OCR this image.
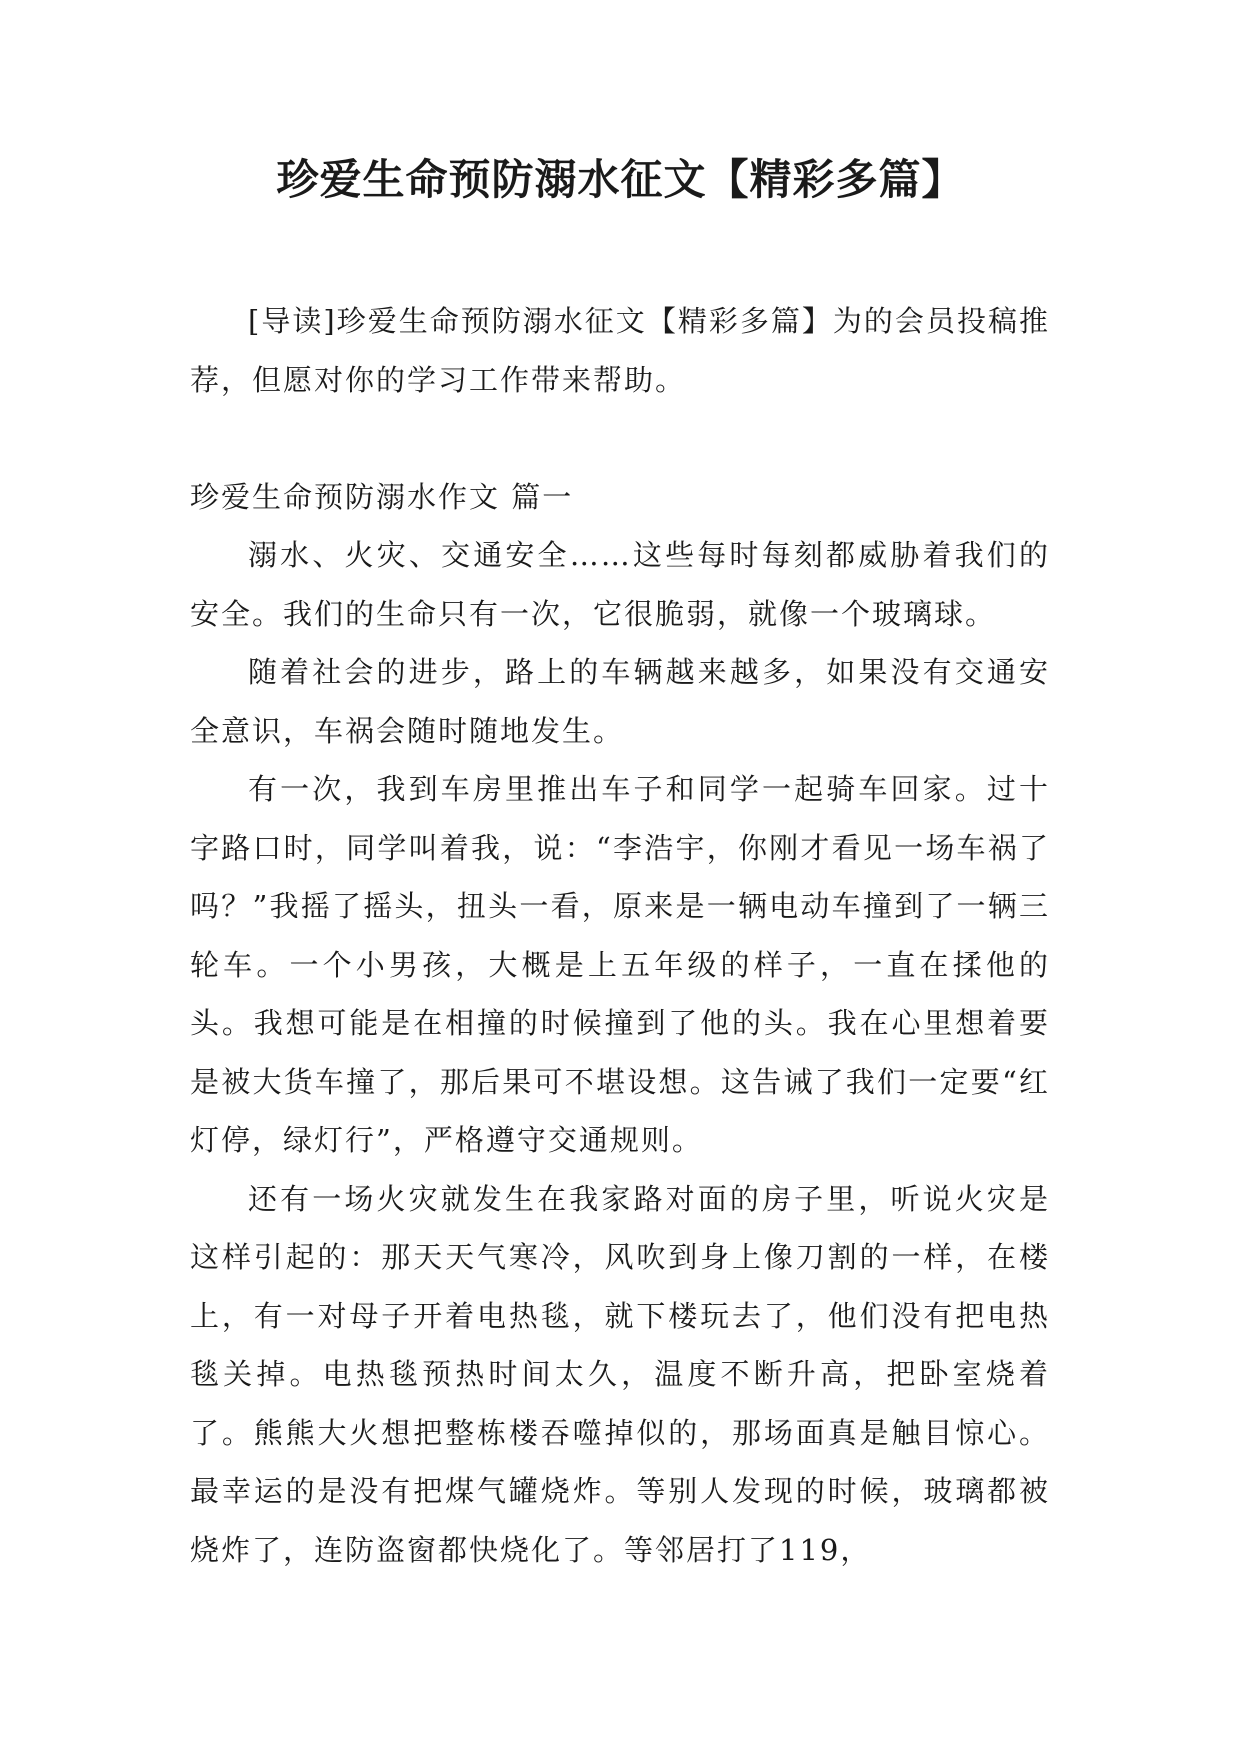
珍爱生命预防溺水征文【精彩多篇】

[导读]珍爱生命预防溺水征文【精彩多篇】为的会员投稿推荐，但愿对你的学习工作带来帮助。

珍爱生命预防溺水作文 篇一

溺水、火灾、交通安全……这些每时每刻都威胁着我们的安全。我们的生命只有一次，它很脆弱，就像一个玻璃球。

随着社会的进步，路上的车辆越来越多，如果没有交通安全意识，车祸会随时随地发生。

有一次，我到车房里推出车子和同学一起骑车回家。过十字路口时，同学叫着我，说：“李浩宇，你刚才看见一场车祸了吗？”我摇了摇头，扭头一看，原来是一辆电动车撞到了一辆三轮车。一个小男孩，大概是上五年级的样子，一直在揉他的头。我想可能是在相撞的时候撞到了他的头。我在心里想着要是被大货车撞了，那后果可不堪设想。这告诫了我们一定要“红灯停，绿灯行”，严格遵守交通规则。

还有一场火灾就发生在我家路对面的房子里，听说火灾是这样引起的：那天天气寒冷，风吹到身上像刀割的一样，在楼上，有一对母子开着电热毯，就下楼玩去了，他们没有把电热毯关掉。电热毯预热时间太久，温度不断升高，把卧室烧着了。熊熊大火想把整栋楼吞噬掉似的，那场面真是触目惊心。最幸运的是没有把煤气罐烧炸。等别人发现的时候，玻璃都被烧炸了，连防盗窗都快烧化了。等邻居打了119，
